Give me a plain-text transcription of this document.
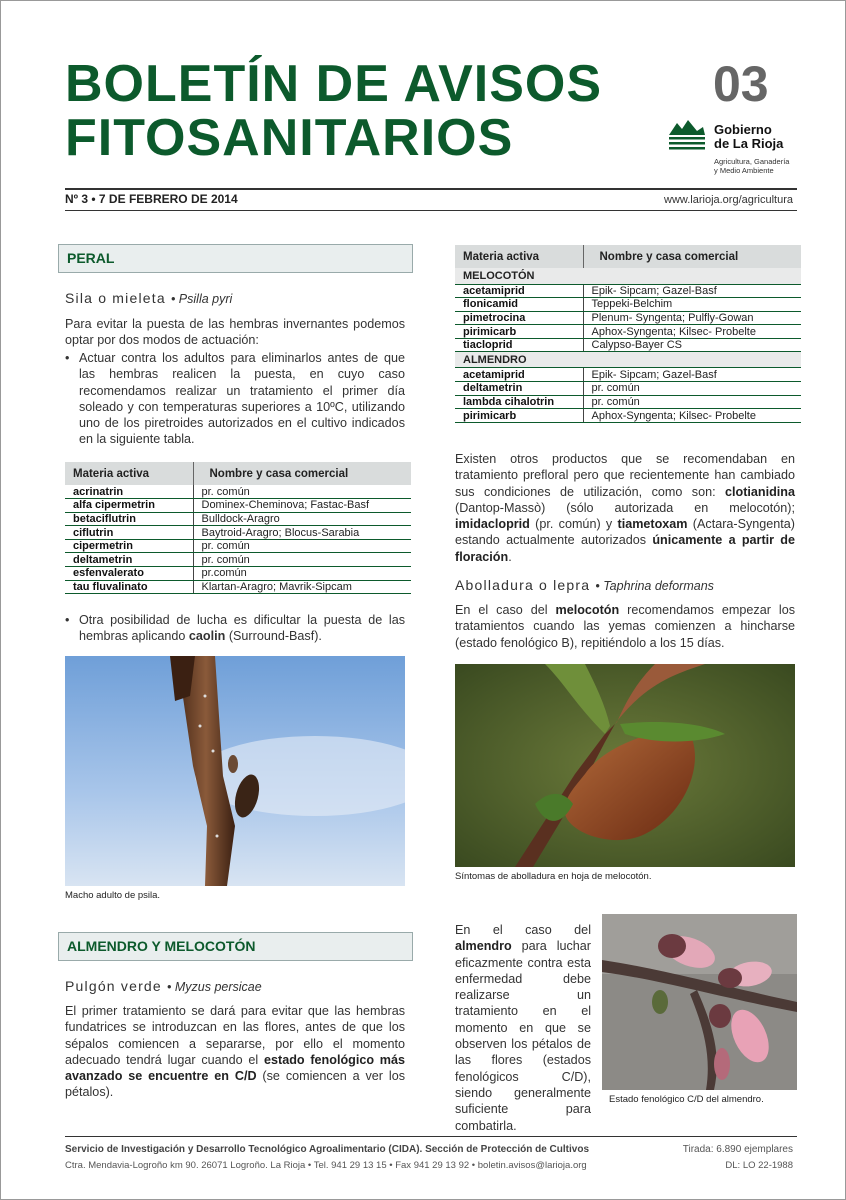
BOLETÍN DE AVISOS
FITOSANITARIOS
03
Gobierno
de La Rioja
Agricultura, Ganadería
y Medio Ambiente
Nº 3 • 7 DE FEBRERO DE 2014	www.larioja.org/agricultura
PERAL
Sila o mieleta • Psilla pyri
Para evitar la puesta de las hembras invernantes podemos optar por dos modos de actuación:
• Actuar contra los adultos para eliminarlos antes de que las hembras realicen la puesta, en cuyo caso recomendamos realizar un tratamiento el primer día soleado y con temperaturas superiores a 10ºC, utilizando uno de los piretroides autorizados en el cultivo indicados en la siguiente tabla.
Materia activa	Nombre y casa comercial
acrinatrin	pr. común
alfa cipermetrin	Dominex-Cheminova; Fastac-Basf
betaciflutrin	Bulldock-Aragro
ciflutrin	Baytroid-Aragro; Blocus-Sarabia
cipermetrin	pr. común
deltametrin	pr. común
esfenvalerato	pr.común
tau fluvalinato	Klartan-Aragro; Mavrik-Sipcam
• Otra posibilidad de lucha es dificultar la puesta de las hembras aplicando caolin (Surround-Basf).
Macho adulto de psila.
ALMENDRO Y MELOCOTÓN
Pulgón verde • Myzus persicae
El primer tratamiento se dará para evitar que las hembras fundatrices se introduzcan en las flores, antes de que los sépalos comiencen a separarse, por ello el momento adecuado tendrá lugar cuando el estado fenológico más avanzado se encuentre en C/D (se comiencen a ver los pétalos).
Materia activa	Nombre y casa comercial
MELOCOTÓN	
acetamiprid	Epik- Sipcam; Gazel-Basf
flonicamid	Teppeki-Belchim
pimetrocina	Plenum- Syngenta; Pulfly-Gowan
pirimicarb	Aphox-Syngenta; Kilsec- Probelte
tiacloprid	Calypso-Bayer CS
ALMENDRO	
acetamiprid	Epik- Sipcam; Gazel-Basf
deltametrin	pr. común
lambda cihalotrin	pr. común
pirimicarb	Aphox-Syngenta; Kilsec- Probelte
Existen otros productos que se recomendaban en tratamiento prefloral pero que recientemente han cambiado sus condiciones de utilización, como son: clotianidina (Dantop-Massò) (sólo autorizada en melocotón); imidacloprid (pr. común) y tiametoxam (Actara-Syngenta) estando actualmente autorizados únicamente a partir de floración.
Abolladura o lepra • Taphrina deformans
En el caso del melocotón recomendamos empezar los tratamientos cuando las yemas comienzen a hincharse (estado fenológico B), repitiéndolo a los 15 días.
Síntomas de abolladura en hoja de melocotón.
En el caso del almendro para luchar eficazmente contra esta enfermedad debe realizarse un tratamiento en el momento en que se observen los pétalos de las flores (estados fenológicos C/D), siendo generalmente suficiente para combatirla.
Estado fenológico C/D del almendro.
Servicio de Investigación y Desarrollo Tecnológico Agroalimentario (CIDA). Sección de Protección de Cultivos
Ctra. Mendavia-Logroño km 90. 26071 Logroño. La Rioja • Tel. 941 29 13 15 • Fax 941 29 13 92 • boletin.avisos@larioja.org
Tirada: 6.890 ejemplares
DL: LO 22-1988
